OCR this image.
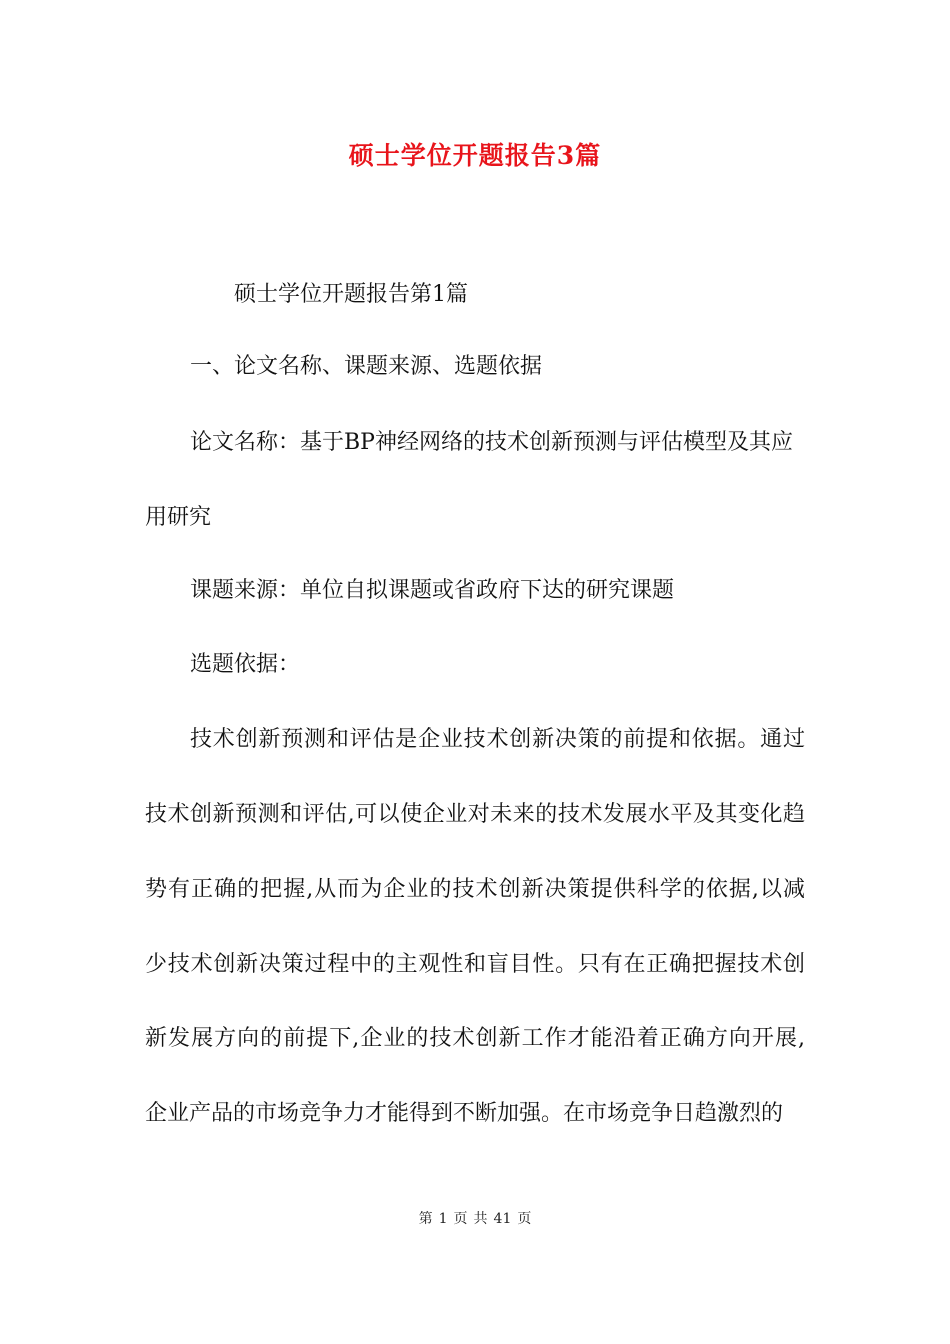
硕士学位开题报告3篇
硕士学位开题报告第1篇
一、论文名称、课题来源、选题依据
论文名称：基于BP神经网络的技术创新预测与评估模型及其应
用研究
课题来源：单位自拟课题或省政府下达的研究课题
选题依据：
技术创新预测和评估是企业技术创新决策的前提和依据。通过
技术创新预测和评估,可以使企业对未来的技术发展水平及其变化趋
势有正确的把握,从而为企业的技术创新决策提供科学的依据,以减
少技术创新决策过程中的主观性和盲目性。只有在正确把握技术创
新发展方向的前提下,企业的技术创新工作才能沿着正确方向开展,
企业产品的市场竞争力才能得到不断加强。在市场竞争日趋激烈的
第 1 页 共 41 页
